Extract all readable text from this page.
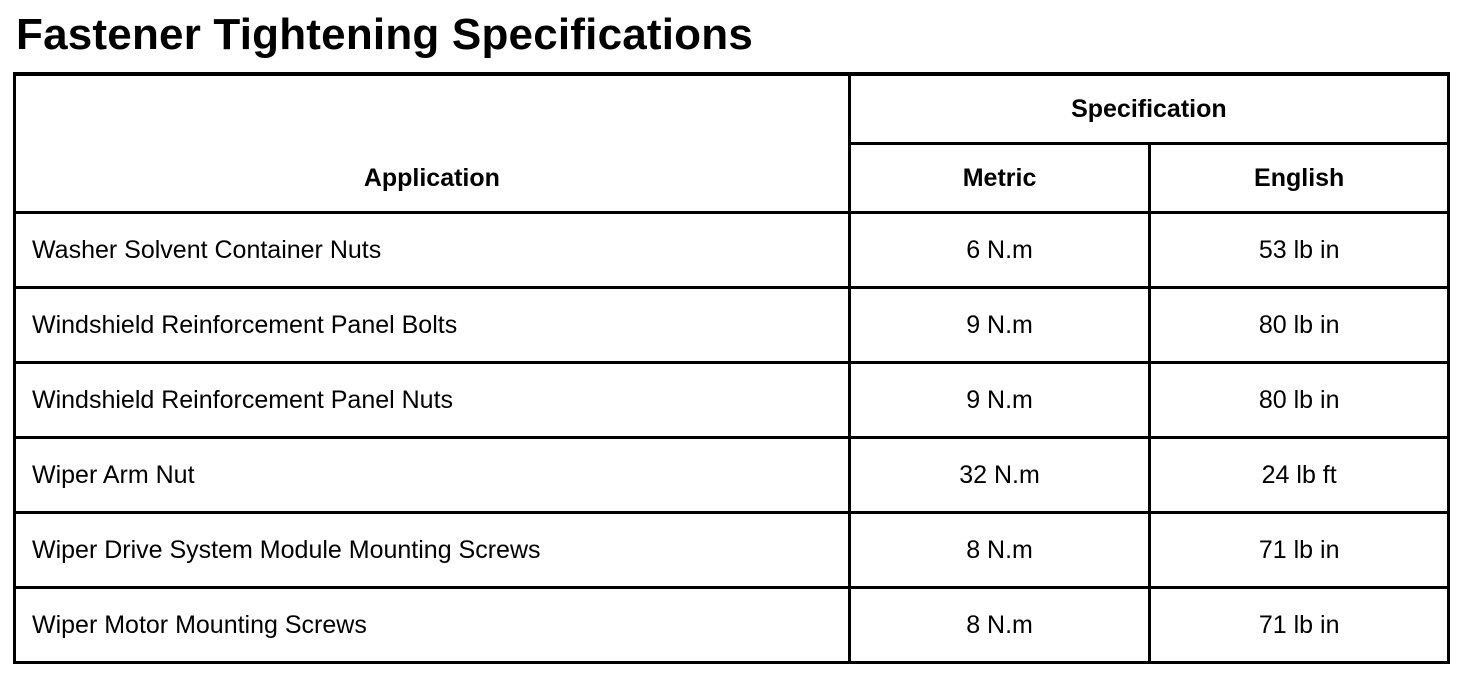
Fastener Tightening Specifications
Application	Specification	
	Metric	English
Washer Solvent Container Nuts	6 N.m	53 lb in
Windshield Reinforcement Panel Bolts	9 N.m	80 lb in
Windshield Reinforcement Panel Nuts	9 N.m	80 lb in
Wiper Arm Nut	32 N.m	24 lb ft
Wiper Drive System Module Mounting Screws	8 N.m	71 lb in
Wiper Motor Mounting Screws	8 N.m	71 lb in
